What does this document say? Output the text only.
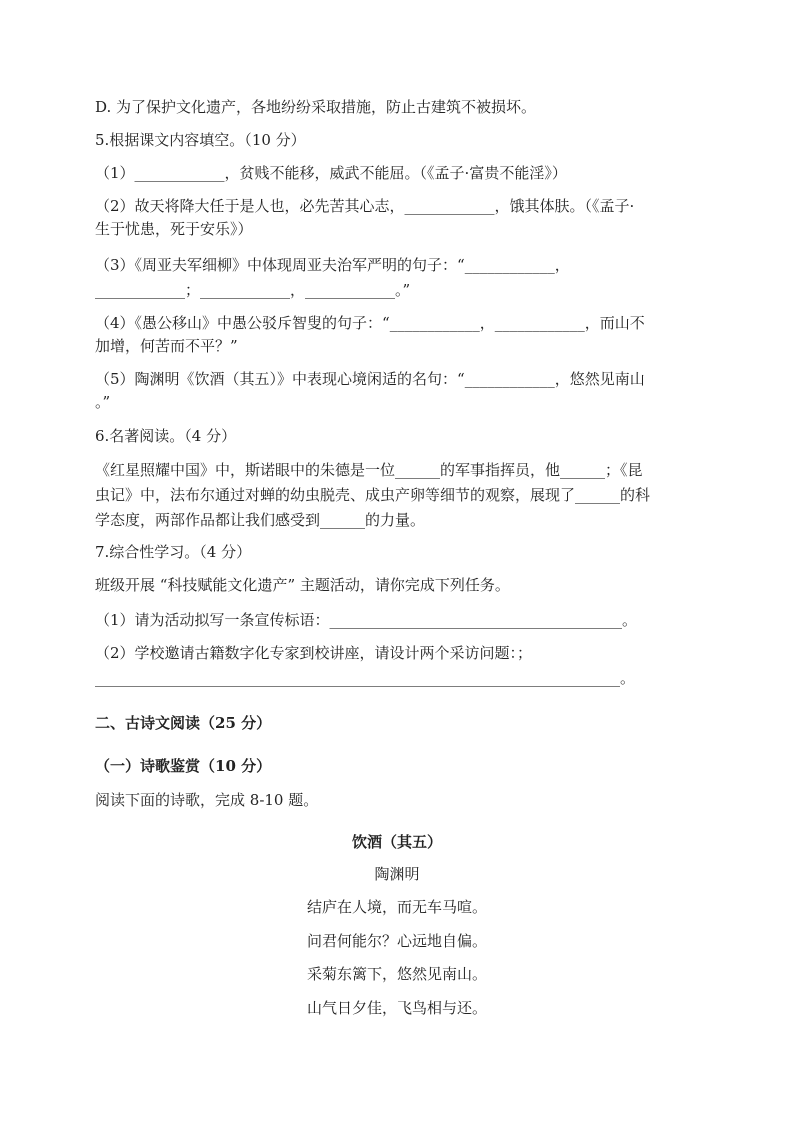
D. 为了保护文化遗产，各地纷纷采取措施，防止古建筑不被损坏。
5.根据课文内容填空。（10 分）
（1）____________，贫贱不能移，威武不能屈。（《孟子·富贵不能淫》）
（2）故天将降大任于是人也，必先苦其心志，____________，饿其体肤。（《孟子·
生于忧患，死于安乐》）
（3）《周亚夫军细柳》中体现周亚夫治军严明的句子：“____________，
____________；____________，____________。”
（4）《愚公移山》中愚公驳斥智叟的句子：“____________，____________，而山不
加增，何苦而不平？”
（5）陶渊明《饮酒（其五）》中表现心境闲适的名句：“____________，悠然见南山
。”
6.名著阅读。（4 分）
《红星照耀中国》中，斯诺眼中的朱德是一位______的军事指挥员，他______；《昆
虫记》中，法布尔通过对蝉的幼虫脱壳、成虫产卵等细节的观察，展现了______的科
学态度，两部作品都让我们感受到______的力量。
7.综合性学习。（4 分）
班级开展 “科技赋能文化遗产” 主题活动，请你完成下列任务。
（1）请为活动拟写一条宣传标语：_______________________________________。
（2）学校邀请古籍数字化专家到校讲座，请设计两个采访问题：；
______________________________________________________________________。
二、古诗文阅读（25 分）
（一）诗歌鉴赏（10 分）
阅读下面的诗歌，完成 8-10 题。
饮酒（其五）
陶渊明
结庐在人境，而无车马喧。
问君何能尔？心远地自偏。
采菊东篱下，悠然见南山。
山气日夕佳，飞鸟相与还。
